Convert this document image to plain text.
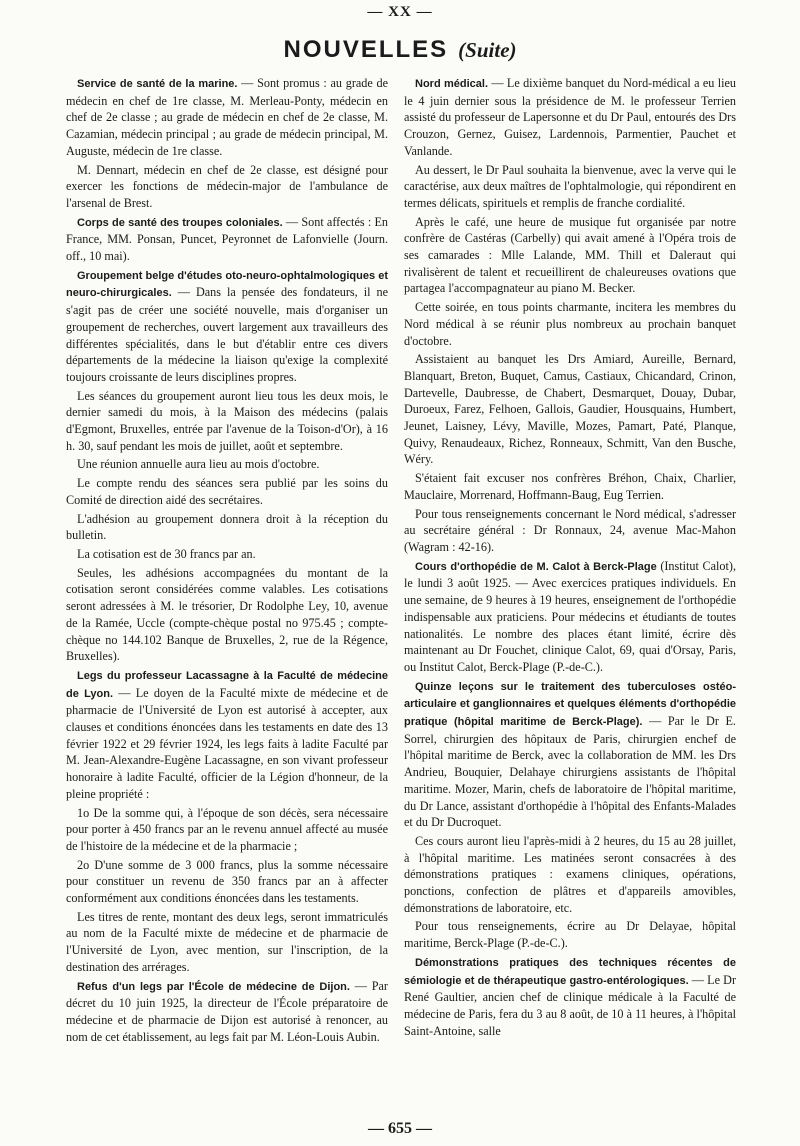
— XX —
NOUVELLES (Suite)

Service de santé de la marine. — Sont promus : au grade de médecin en chef de 1re classe, M. Merleau-Ponty, médecin en chef de 2e classe ; au grade de médecin en chef de 2e classe, M. Cazamian, médecin principal ; au grade de médecin principal, M. Auguste, médecin de 1re classe.

M. Dennart, médecin en chef de 2e classe, est désigné pour exercer les fonctions de médecin-major de l'ambulance de l'arsenal de Brest.

Corps de santé des troupes coloniales. — Sont affectés : En France, MM. Ponsan, Puncet, Peyronnet de Lafonvielle (Journ. off., 10 mai).

Groupement belge d'études oto-neuro-ophtalmologiques et neuro-chirurgicales. — Dans la pensée des fondateurs, il ne s'agit pas de créer une société nouvelle, mais d'organiser un groupement de recherches, ouvert largement aux travailleurs des différentes spécialités, dans le but d'établir entre ces divers départements de la médecine la liaison qu'exige la complexité toujours croissante de leurs disciplines propres.

Les séances du groupement auront lieu tous les deux mois, le dernier samedi du mois, à la Maison des médecins (palais d'Egmont, Bruxelles, entrée par l'avenue de la Toison-d'Or), à 16 h. 30, sauf pendant les mois de juillet, août et septembre.

Une réunion annuelle aura lieu au mois d'octobre.

Le compte rendu des séances sera publié par les soins du Comité de direction aidé des secrétaires.

L'adhésion au groupement donnera droit à la réception du bulletin.

La cotisation est de 30 francs par an.

Seules, les adhésions accompagnées du montant de la cotisation seront considérées comme valables. Les cotisations seront adressées à M. le trésorier, Dr Rodolphe Ley, 10, avenue de la Ramée, Uccle (compte-chèque postal no 975.45 ; compte-chèque no 144.102 Banque de Bruxelles, 2, rue de la Régence, Bruxelles).

Legs du professeur Lacassagne à la Faculté de médecine de Lyon. — Le doyen de la Faculté mixte de médecine et de pharmacie de l'Université de Lyon est autorisé à accepter, aux clauses et conditions énoncées dans les testaments en date des 13 février 1922 et 29 février 1924, les legs faits à ladite Faculté par M. Jean-Alexandre-Eugène Lacassagne, en son vivant professeur honoraire à ladite Faculté, officier de la Légion d'honneur, de la pleine propriété :

1o De la somme qui, à l'époque de son décès, sera nécessaire pour porter à 450 francs par an le revenu annuel affecté au musée de l'histoire de la médecine et de la pharmacie ;

2o D'une somme de 3 000 francs, plus la somme nécessaire pour constituer un revenu de 350 francs par an à affecter conformément aux conditions énoncées dans les testaments.

Les titres de rente, montant des deux legs, seront immatriculés au nom de la Faculté mixte de médecine et de pharmacie de l'Université de Lyon, avec mention, sur l'inscription, de la destination des arrérages.

Refus d'un legs par l'École de médecine de Dijon. — Par décret du 10 juin 1925, la directeur de l'École préparatoire de médecine et de pharmacie de Dijon est autorisé à renoncer, au nom de cet établissement, au legs fait par M. Léon-Louis Aubin.

Nord médical. — Le dixième banquet du Nord-médical a eu lieu le 4 juin dernier sous la présidence de M. le professeur Terrien assisté du professeur de Lapersonne et du Dr Paul, entourés des Drs Crouzon, Gernez, Guisez, Lardennois, Parmentier, Pauchet et Vanlande.

Au dessert, le Dr Paul souhaita la bienvenue, avec la verve qui le caractérise, aux deux maîtres de l'ophtalmologie, qui répondirent en termes délicats, spirituels et remplis de franche cordialité.

Après le café, une heure de musique fut organisée par notre confrère de Castéras (Carbelly) qui avait amené à l'Opéra trois de ses camarades : Mlle Lalande, MM. Thill et Daleraut qui rivalisèrent de talent et recueillirent de chaleureuses ovations que partagea l'accompagnateur au piano M. Becker.

Cette soirée, en tous points charmante, incitera les membres du Nord médical à se réunir plus nombreux au prochain banquet d'octobre.

Assistaient au banquet les Drs Amiard, Aureille, Bernard, Blanquart, Breton, Buquet, Camus, Castiaux, Chicandard, Crinon, Dartevelle, Daubresse, de Chabert, Desmarquet, Douay, Dubar, Duroeux, Farez, Felhoen, Gallois, Gaudier, Housquains, Humbert, Jeunet, Laisney, Lévy, Maville, Mozes, Pamart, Paté, Planque, Quivy, Renaudeaux, Richez, Ronneaux, Schmitt, Van den Busche, Wéry.

S'étaient fait excuser nos confrères Bréhon, Chaix, Charlier, Mauclaire, Morrenard, Hoffmann-Baug, Eug Terrien.

Pour tous renseignements concernant le Nord médical, s'adresser au secrétaire général : Dr Ronnaux, 24, avenue Mac-Mahon (Wagram : 42-16).

Cours d'orthopédie de M. Calot à Berck-Plage (Institut Calot), le lundi 3 août 1925. — Avec exercices pratiques individuels. En une semaine, de 9 heures à 19 heures, enseignement de l'orthopédie indispensable aux praticiens. Pour médecins et étudiants de toutes nationalités. Le nombre des places étant limité, écrire dès maintenant au Dr Fouchet, clinique Calot, 69, quai d'Orsay, Paris, ou Institut Calot, Berck-Plage (P.-de-C.).

Quinze leçons sur le traitement des tuberculoses ostéo-articulaire et ganglionnaires et quelques éléments d'orthopédie pratique (hôpital maritime de Berck-Plage). — Par le Dr E. Sorrel, chirurgien des hôpitaux de Paris, chirurgien enchef de l'hôpital maritime de Berck, avec la collaboration de MM. les Drs Andrieu, Bouquier, Delahaye chirurgiens assistants de l'hôpital maritime. Mozer, Marin, chefs de laboratoire de l'hôpital maritime, du Dr Lance, assistant d'orthopédie à l'hôpital des Enfants-Malades et du Dr Ducroquet.

Ces cours auront lieu l'après-midi à 2 heures, du 15 au 28 juillet, à l'hôpital maritime. Les matinées seront consacrées à des démonstrations pratiques : examens cliniques, opérations, ponctions, confection de plâtres et d'appareils amovibles, démonstrations de laboratoire, etc.

Pour tous renseignements, écrire au Dr Delayae, hôpital maritime, Berck-Plage (P.-de-C.).

Démonstrations pratiques des techniques récentes de sémiologie et de thérapeutique gastro-entérologiques. — Le Dr René Gaultier, ancien chef de clinique médicale à la Faculté de médecine de Paris, fera du 3 au 8 août, de 10 à 11 heures, à l'hôpital Saint-Antoine, salle

— 655 —
